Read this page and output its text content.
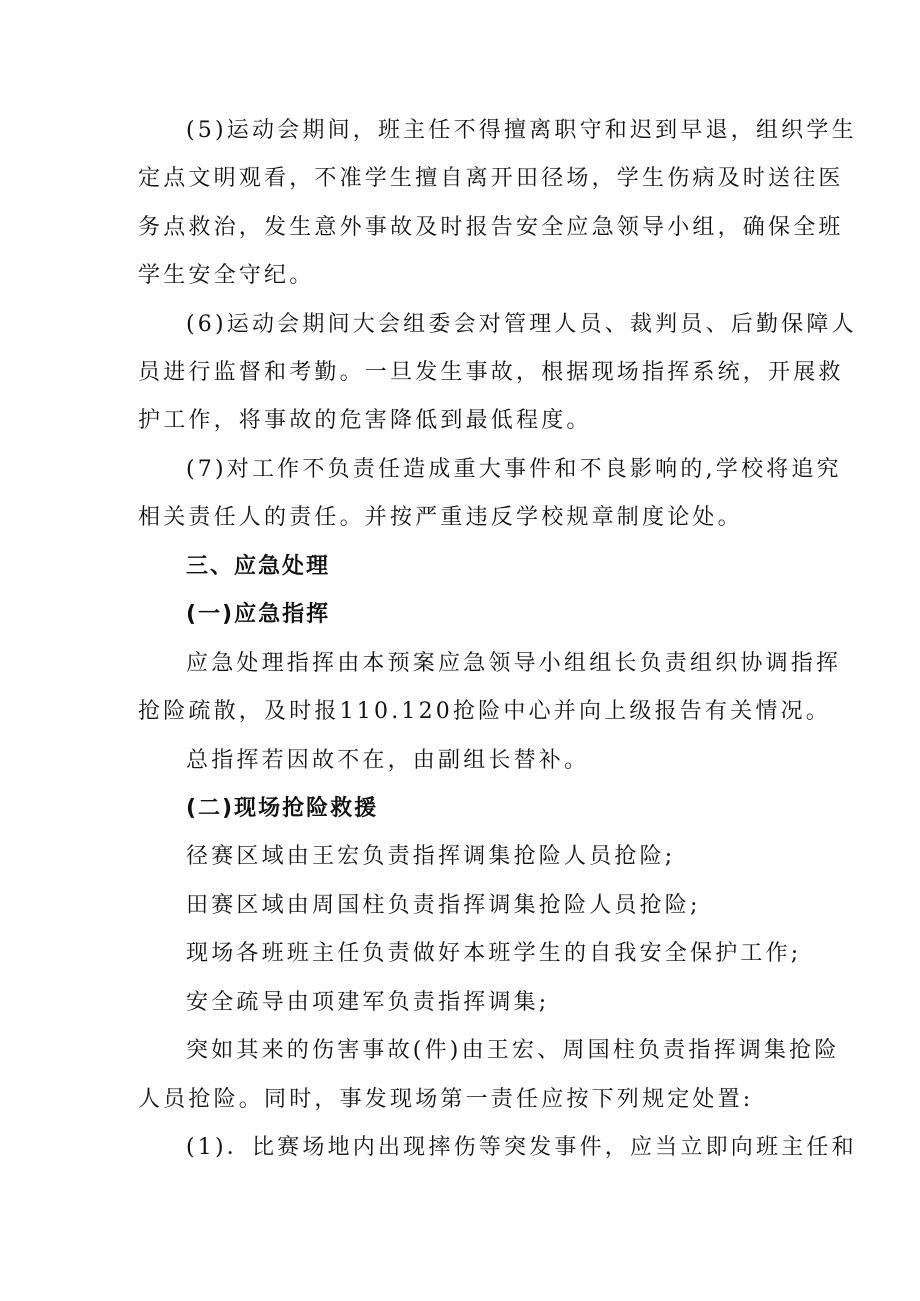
(5)运动会期间，班主任不得擅离职守和迟到早退，组织学生
定点文明观看，不准学生擅自离开田径场，学生伤病及时送往医
务点救治，发生意外事故及时报告安全应急领导小组，确保全班
学生安全守纪。
(6)运动会期间大会组委会对管理人员、裁判员、后勤保障人
员进行监督和考勤。一旦发生事故，根据现场指挥系统，开展救
护工作，将事故的危害降低到最低程度。
(7)对工作不负责任造成重大事件和不良影响的,学校将追究
相关责任人的责任。并按严重违反学校规章制度论处。
三、应急处理
(一)应急指挥
应急处理指挥由本预案应急领导小组组长负责组织协调指挥
抢险疏散，及时报110.120抢险中心并向上级报告有关情况。
总指挥若因故不在，由副组长替补。
(二)现场抢险救援
径赛区域由王宏负责指挥调集抢险人员抢险;
田赛区域由周国柱负责指挥调集抢险人员抢险;
现场各班班主任负责做好本班学生的自我安全保护工作;
安全疏导由项建军负责指挥调集;
突如其来的伤害事故(件)由王宏、周国柱负责指挥调集抢险
人员抢险。同时，事发现场第一责任应按下列规定处置:
(1)．比赛场地内出现摔伤等突发事件，应当立即向班主任和
